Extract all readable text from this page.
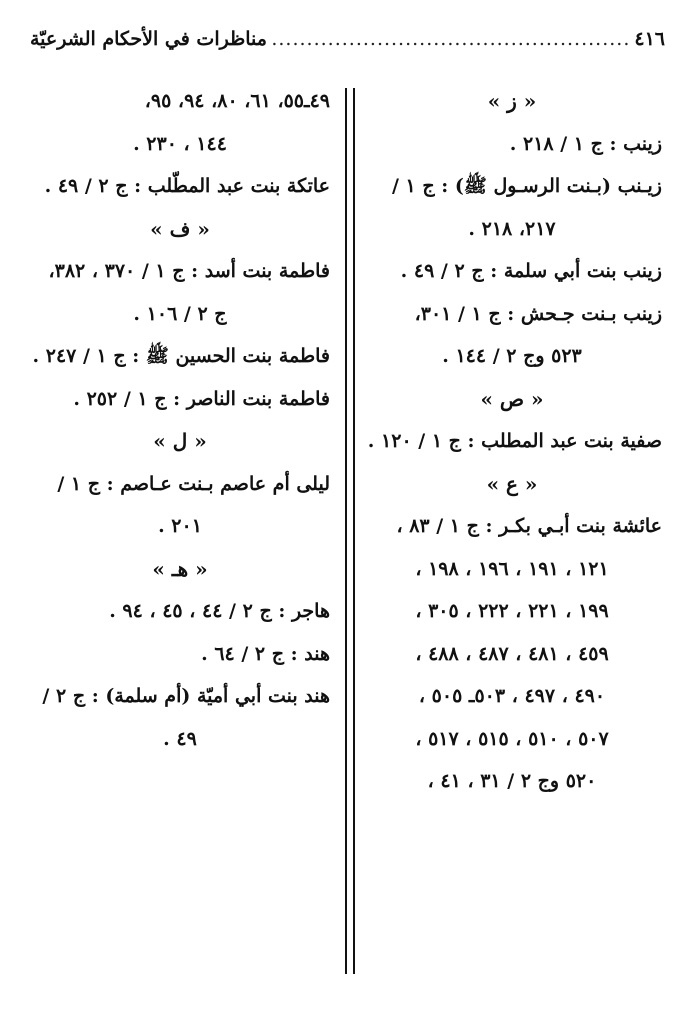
٤١٦
.....
مناظرات في الأحكام الشرعيّة
« ز »
زينب : ج ١ / ٢١٨ .
زيـنب (بـنت الرسـول ﷺ) : ج ١ /
٢١٧، ٢١٨ .
زينب بنت أبي سلمة : ج ٢ / ٤٩ .
زينب بـنت جـحش : ج ١ / ٣٠١،
٥٢٣ وج ٢ / ١٤٤ .
« ص »
صفية بنت عبد المطلب : ج ١ / ١٢٠ .
« ع »
عائشة بنت أبـي بكـر : ج ١ / ٨٣ ،
١٢١ ، ١٩١ ، ١٩٦ ، ١٩٨ ،
١٩٩ ، ٢٢١ ، ٢٢٢ ، ٣٠٥ ،
٤٥٩ ، ٤٨١ ، ٤٨٧ ، ٤٨٨ ،
٤٩٠ ، ٤٩٧ ، ٥٠٣ـ ٥٠٥ ،
٥٠٧ ، ٥١٠ ، ٥١٥ ، ٥١٧ ،
٥٢٠ وج ٢ / ٣١ ، ٤١ ،
٤٩ـ٥٥، ٦١، ٨٠، ٩٤، ٩٥،
١٤٤ ، ٢٣٠ .
عاتكة بنت عبد المطّلب : ج ٢ / ٤٩ .
« ف »
فاطمة بنت أسد : ج ١ / ٣٧٠ ، ٣٨٢،
ج ٢ / ١٠٦ .
فاطمة بنت الحسين ﷺ : ج ١ / ٢٤٧ .
فاطمة بنت الناصر : ج ١ / ٢٥٢ .
« ل »
ليلى أم عاصم بـنت عـاصم : ج ١ /
٢٠١ .
« هـ »
هاجر : ج ٢ / ٤٤ ، ٤٥ ، ٩٤ .
هند : ج ٢ / ٦٤ .
هند بنت أبي أميّة (أم سلمة) : ج ٢ /
٤٩ .
